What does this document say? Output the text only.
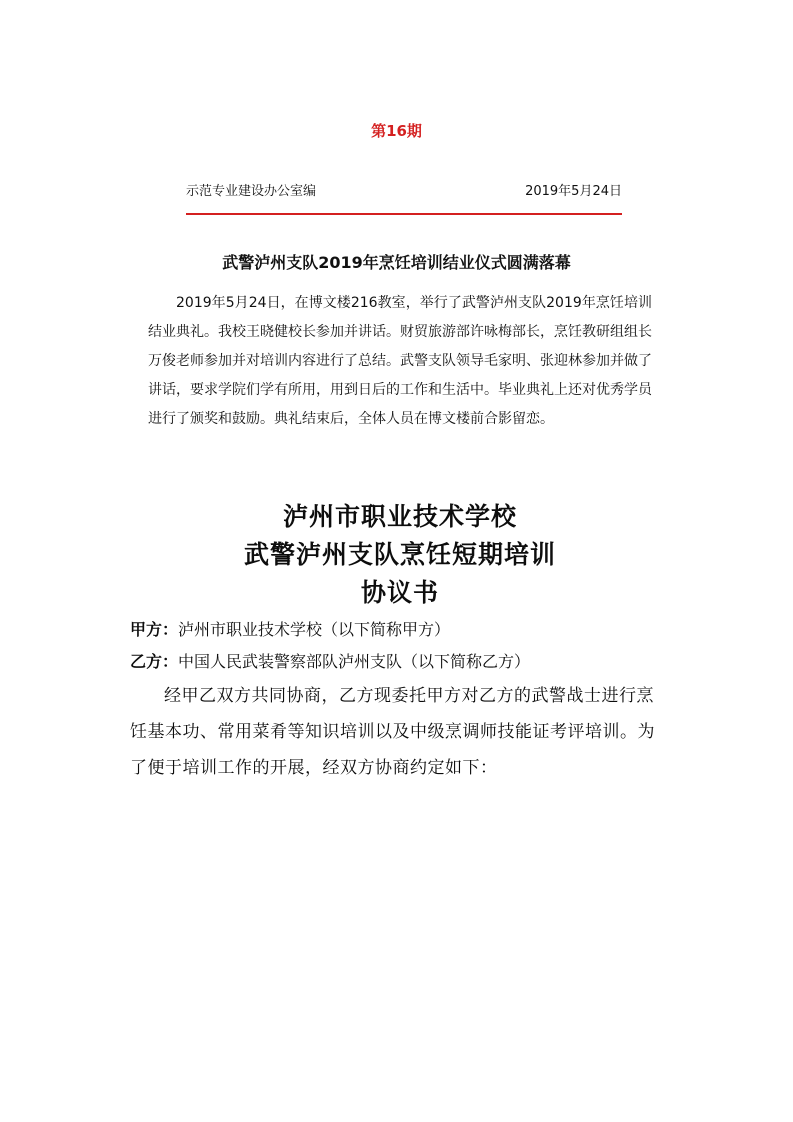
第16期
示范专业建设办公室编	2019年5月24日
武警泸州支队2019年烹饪培训结业仪式圆满落幕
2019年5月24日，在博文楼216教室，举行了武警泸州支队2019年烹饪培训结业典礼。我校王晓健校长参加并讲话。财贸旅游部许咏梅部长，烹饪教研组组长万俊老师参加并对培训内容进行了总结。武警支队领导毛家明、张迎林参加并做了讲话，要求学院们学有所用，用到日后的工作和生活中。毕业典礼上还对优秀学员进行了颁奖和鼓励。典礼结束后，全体人员在博文楼前合影留恋。
泸州市职业技术学校
武警泸州支队烹饪短期培训
协议书
甲方：泸州市职业技术学校（以下简称甲方）
乙方：中国人民武装警察部队泸州支队（以下简称乙方）
经甲乙双方共同协商，乙方现委托甲方对乙方的武警战士进行烹饪基本功、常用菜肴等知识培训以及中级烹调师技能证考评培训。为了便于培训工作的开展，经双方协商约定如下：
